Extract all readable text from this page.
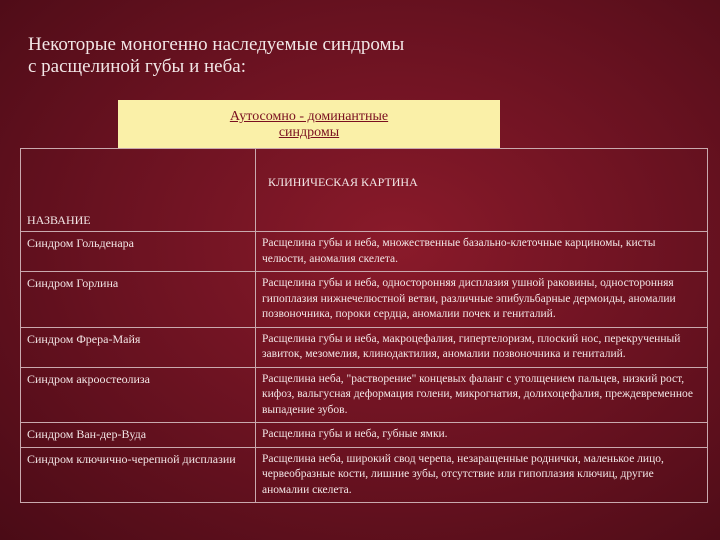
Некоторые моногенно наследуемые синдромы
с расщелиной губы и неба:
Аутосомно - доминантные
синдромы
НАЗВАНИЕ	КЛИНИЧЕСКАЯ КАРТИНА
Синдром Гольденара	Расщелина губы и неба, множественные базально-клеточные карциномы, кисты челюсти, аномалия скелета.
Синдром Горлина	Расщелина губы и неба, односторонняя дисплазия ушной раковины, односторонняя гипоплазия нижнечелюстной ветви, различные эпибульбарные дермоиды, аномалии позвоночника, пороки сердца, аномалии почек и гениталий.
Синдром Фрера-Майя	Расщелина губы и неба, макроцефалия, гипертелоризм, плоский нос, перекрученный завиток, мезомелия, клинодактилия, аномалии позвоночника и гениталий.
Синдром акроостеолиза	Расщелина неба, "растворение" концевых фаланг с утолщением пальцев, низкий рост, кифоз, вальгусная деформация голени, микрогнатия, долихоцефалия, преждевременное выпадение зубов.
Синдром Ван-дер-Вуда	Расщелина губы и неба, губные ямки.
Синдром ключично-черепной дисплазии	Расщелина неба, широкий свод черепа, незаращенные роднички, маленькое лицо, червеобразные кости, лишние зубы, отсутствие или гипоплазия ключиц, другие аномалии скелета.
